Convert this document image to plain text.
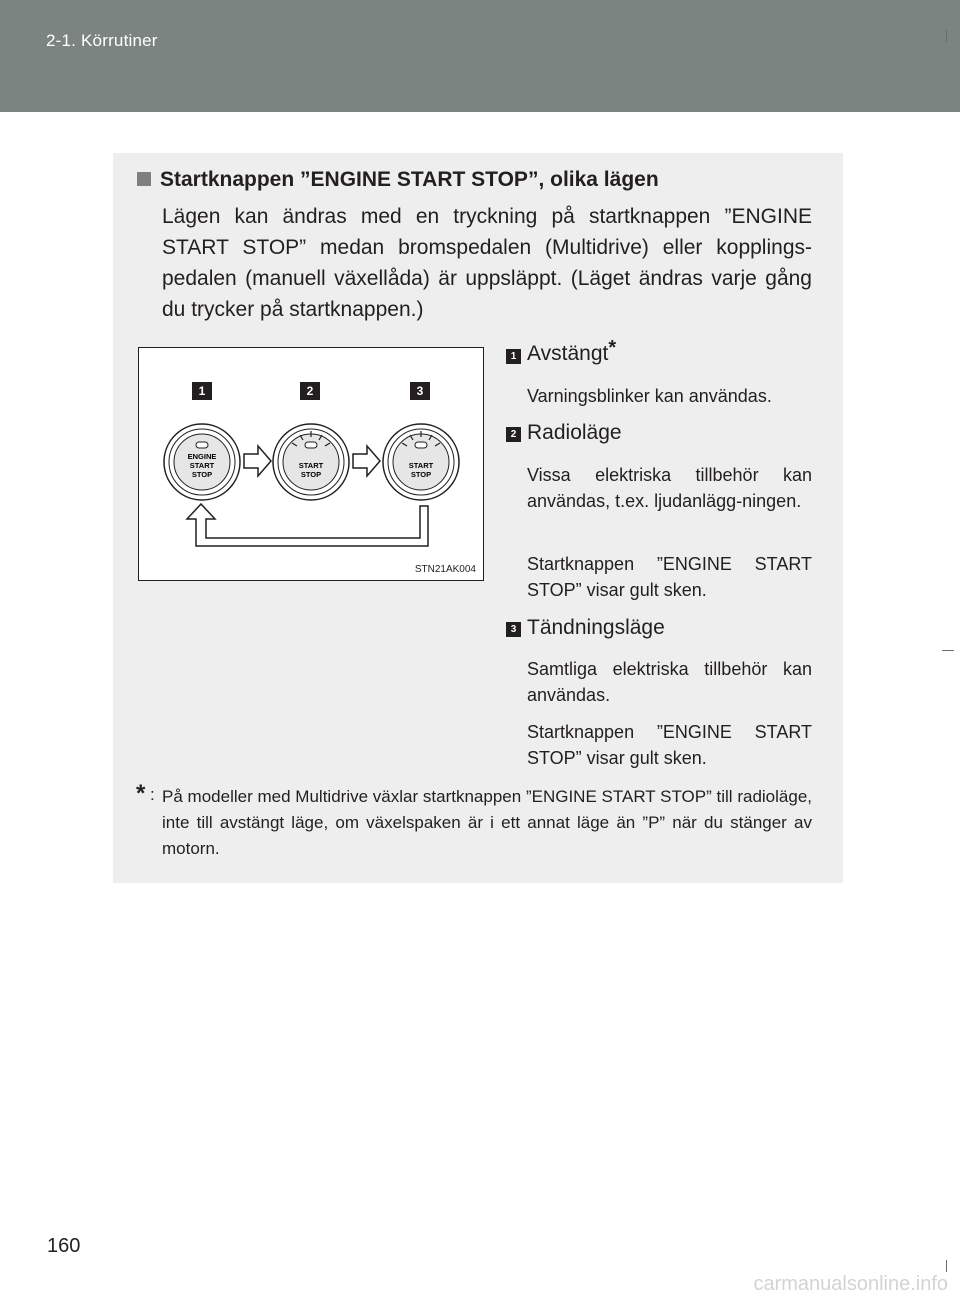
2-1. Körrutiner
Startknappen ”ENGINE START STOP”, olika lägen
Lägen kan ändras med en tryckning på startknappen ”ENGINE START STOP” medan bromspedalen (Multidrive) eller kopplings-pedalen (manuell växellåda) är uppsläppt. (Läget ändras varje gång du trycker på startknappen.)
1	2	3
ENGINE
START
STOP
START
STOP
START
STOP
STN21AK004
1 Avstängt*
Varningsblinker kan användas.
2 Radioläge
Vissa elektriska tillbehör kan användas, t.ex. ljudanlägg-ningen.
Startknappen ”ENGINE START STOP” visar gult sken.
3 Tändningsläge
Samtliga elektriska tillbehör kan användas.
Startknappen ”ENGINE START STOP” visar gult sken.
* : På modeller med Multidrive växlar startknappen ”ENGINE START STOP” till radioläge, inte till avstängt läge, om växelspaken är i ett annat läge än ”P” när du stänger av motorn.
160
carmanualsonline.info
